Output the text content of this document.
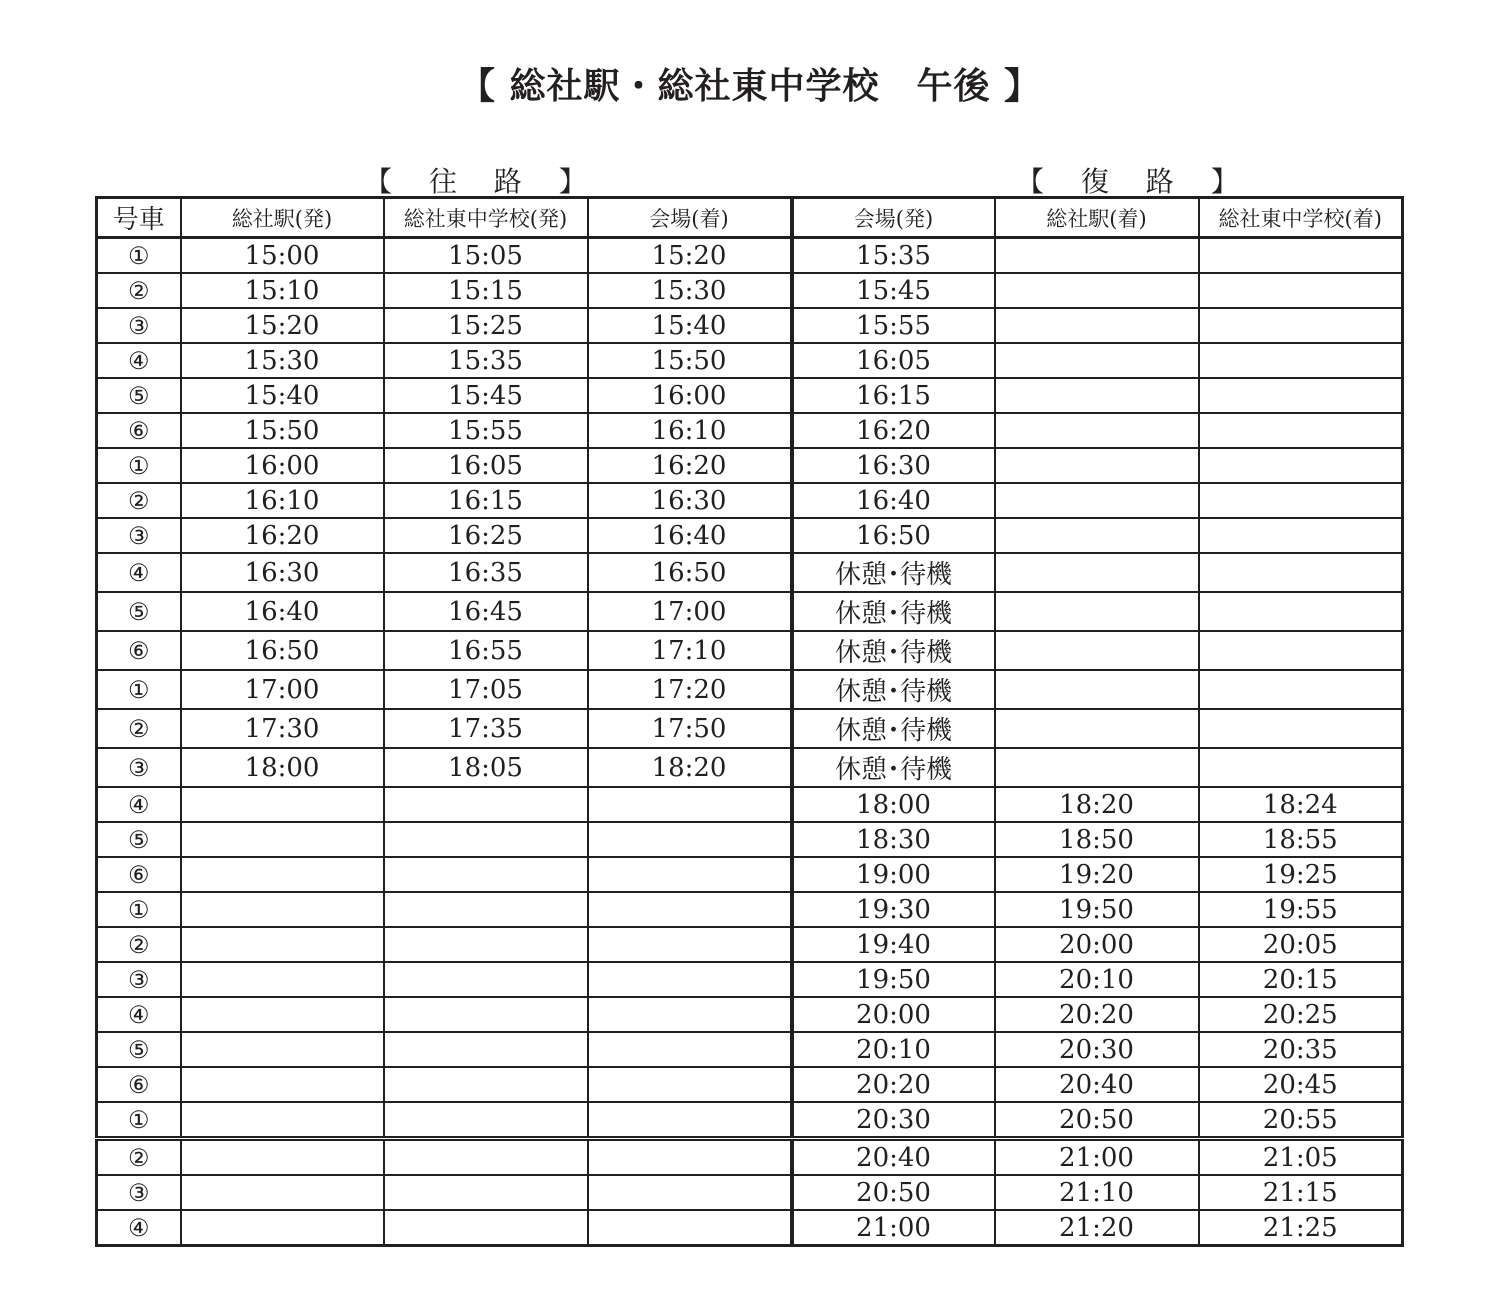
【 総社駅・総社東中学校　午後 】
【 往 路 】	【 復 路 】
号車	総社駅(発)	総社東中学校(発)	会場(着)	会場(発)	総社駅(着)	総社東中学校(着)
①	15:00	15:05	15:20	15:35		
②	15:10	15:15	15:30	15:45		
③	15:20	15:25	15:40	15:55		
④	15:30	15:35	15:50	16:05		
⑤	15:40	15:45	16:00	16:15		
⑥	15:50	15:55	16:10	16:20		
①	16:00	16:05	16:20	16:30		
②	16:10	16:15	16:30	16:40		
③	16:20	16:25	16:40	16:50		
④	16:30	16:35	16:50	休憩･待機		
⑤	16:40	16:45	17:00	休憩･待機		
⑥	16:50	16:55	17:10	休憩･待機		
①	17:00	17:05	17:20	休憩･待機		
②	17:30	17:35	17:50	休憩･待機		
③	18:00	18:05	18:20	休憩･待機		
④				18:00	18:20	18:24
⑤				18:30	18:50	18:55
⑥				19:00	19:20	19:25
①				19:30	19:50	19:55
②				19:40	20:00	20:05
③				19:50	20:10	20:15
④				20:00	20:20	20:25
⑤				20:10	20:30	20:35
⑥				20:20	20:40	20:45
①				20:30	20:50	20:55
②				20:40	21:00	21:05
③				20:50	21:10	21:15
④				21:00	21:20	21:25
